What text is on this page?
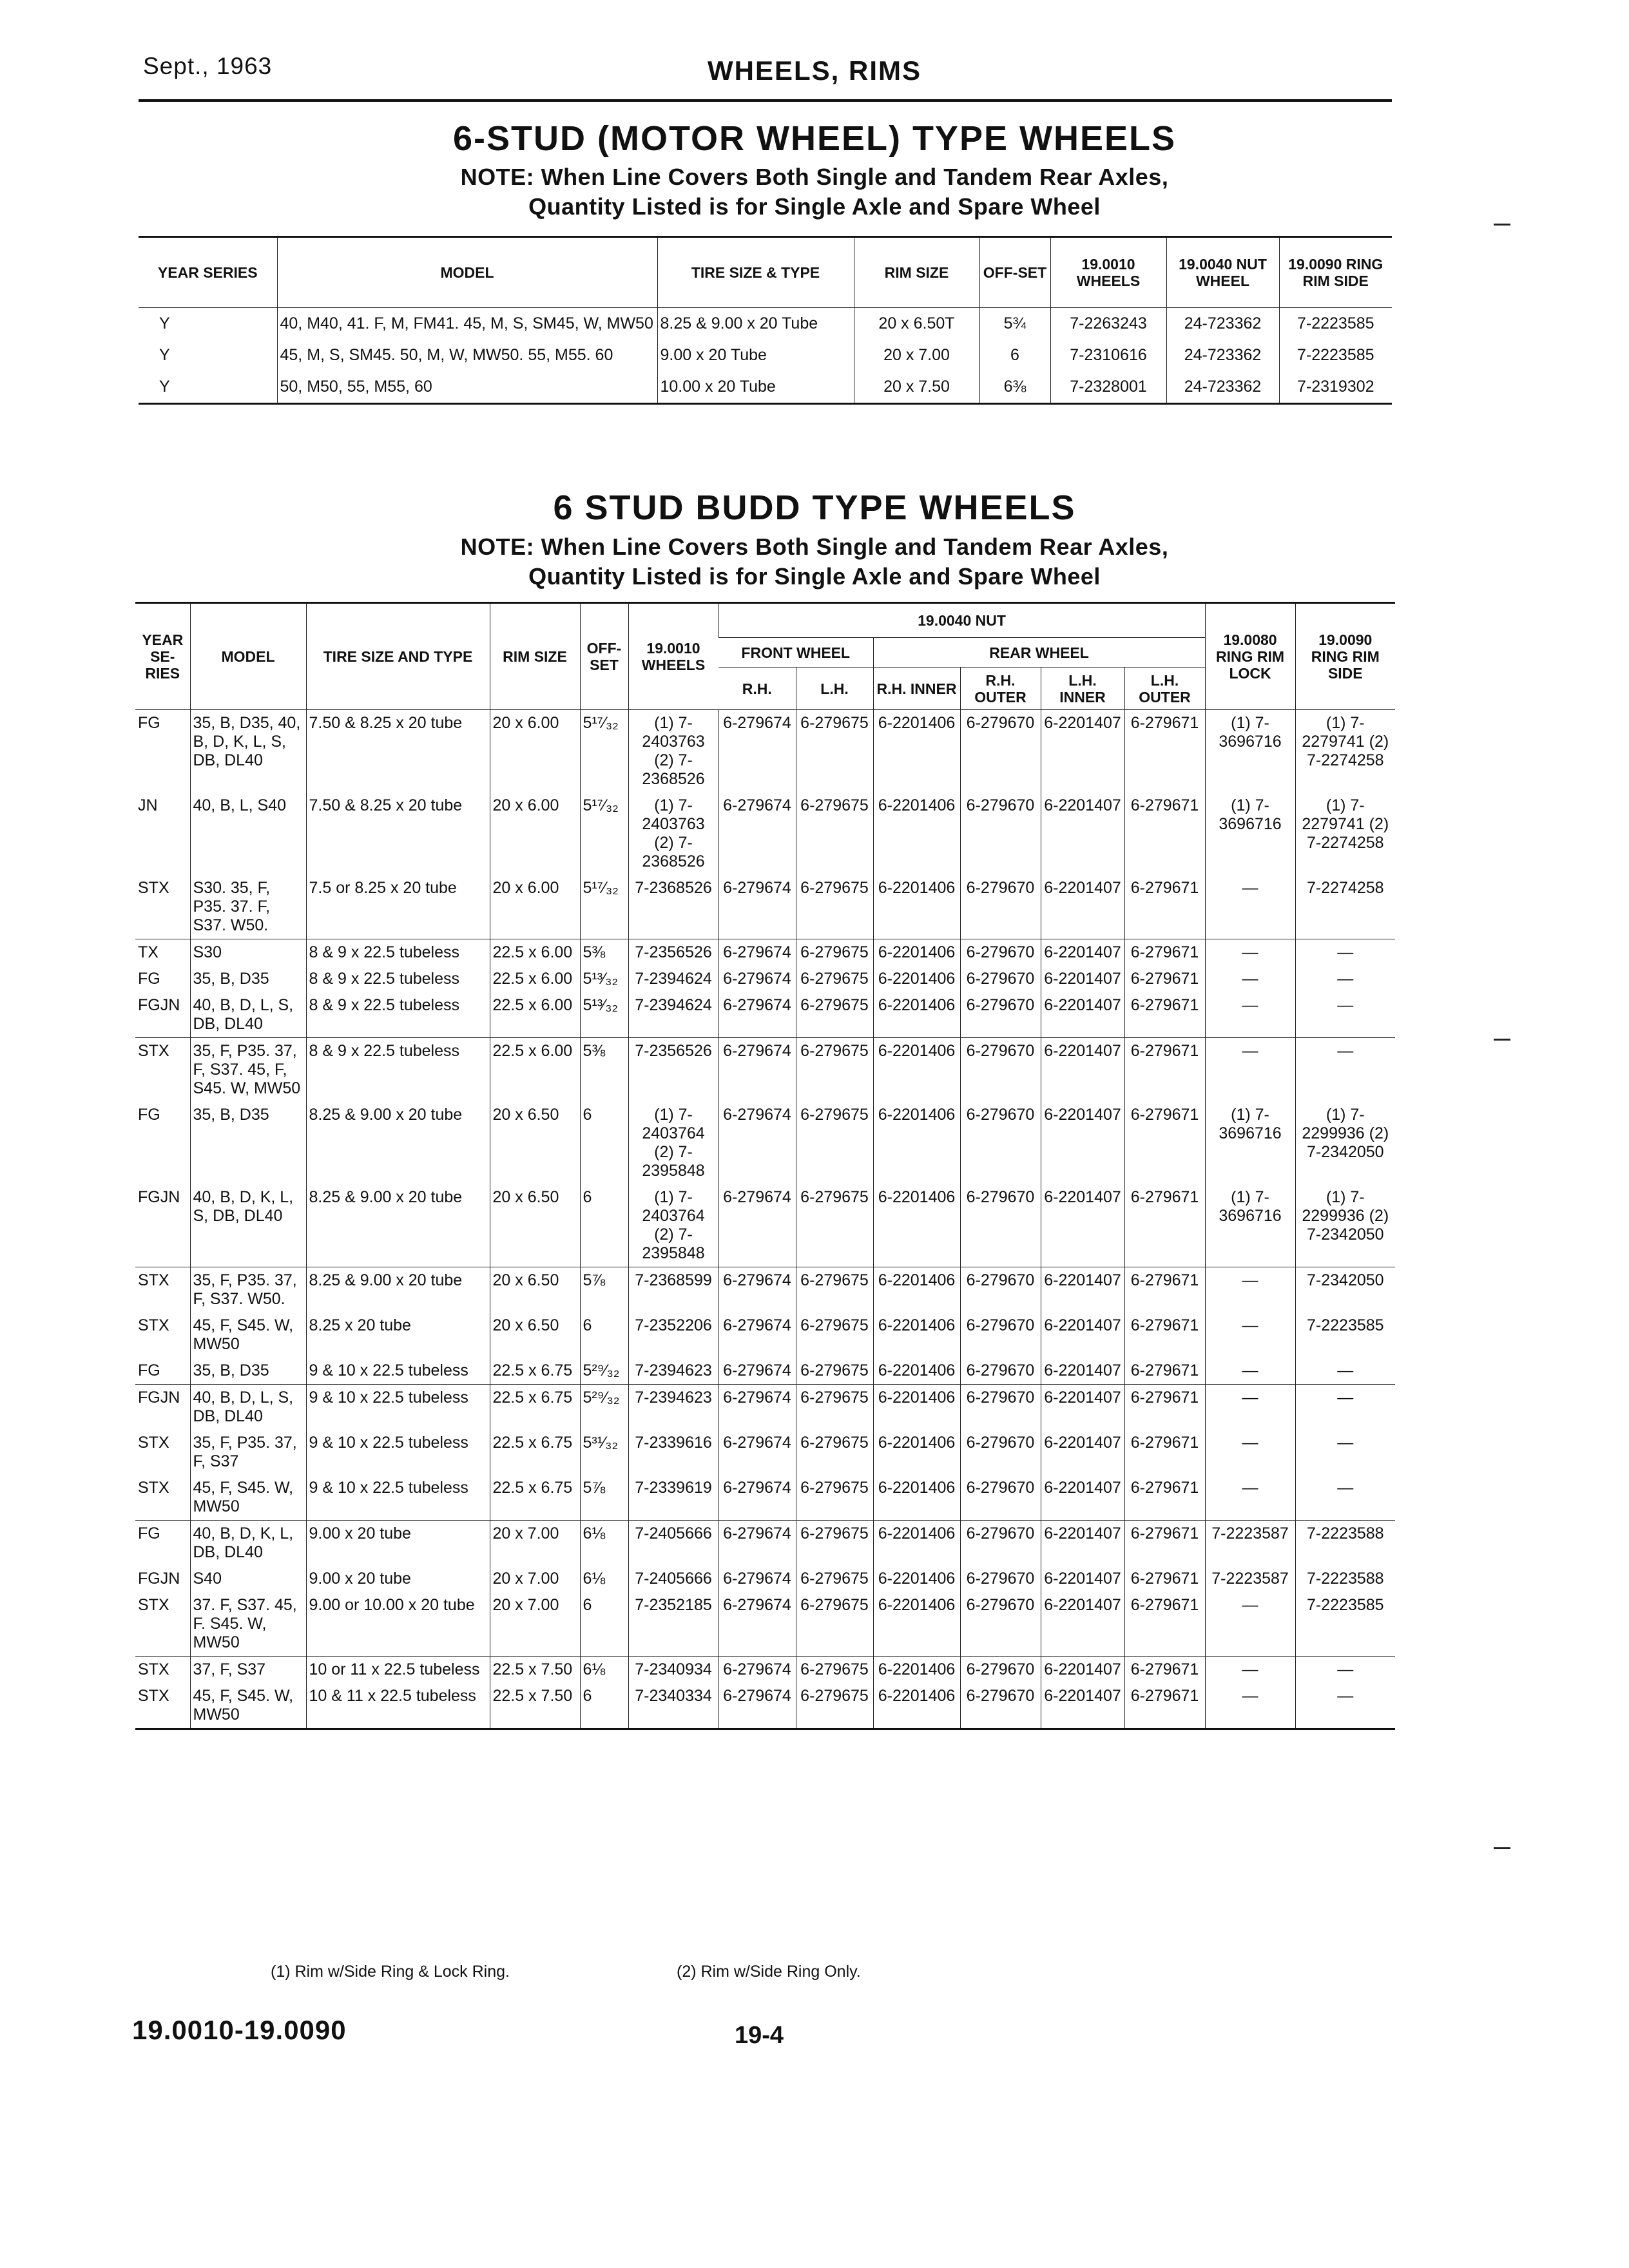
Sept., 1963	WHEELS, RIMS
6-STUD (MOTOR WHEEL) TYPE WHEELS
NOTE: When Line Covers Both Single and Tandem Rear Axles,
Quantity Listed is for Single Axle and Spare Wheel
YEAR SERIES	MODEL	TIRE SIZE & TYPE	RIM SIZE	OFF-SET	19.0010 WHEELS	19.0040 NUT WHEEL	19.0090 RING RIM SIDE
Y	40, M40, 41. F, M, FM41. 45, M, S, SM45, W, MW50	8.25 & 9.00 x 20 Tube	20 x 6.50T	5¾	7-2263243	24-723362	7-2223585
Y	45, M, S, SM45. 50, M, W, MW50. 55, M55. 60	9.00 x 20 Tube	20 x 7.00	6	7-2310616	24-723362	7-2223585
Y	50, M50, 55, M55, 60	10.00 x 20 Tube	20 x 7.50	6⅜	7-2328001	24-723362	7-2319302
6 STUD BUDD TYPE WHEELS
NOTE: When Line Covers Both Single and Tandem Rear Axles,
Quantity Listed is for Single Axle and Spare Wheel
YEAR SE-RIES	MODEL	TIRE SIZE AND TYPE	RIM SIZE	OFF-SET	19.0010 WHEELS	19.0040 NUT						19.0080 RING RIM LOCK	19.0090 RING RIM SIDE
						FRONT WHEEL		REAR WHEEL					
						R.H.	L.H.	R.H. INNER	R.H. OUTER	L.H. INNER	L.H. OUTER		
FG	35, B, D35, 40, B, D, K, L, S, DB, DL40	7.50 & 8.25 x 20 tube	20 x 6.00	5¹⁷⁄₃₂	(1) 7-2403763 (2) 7-2368526	6-279674	6-279675	6-2201406	6-279670	6-2201407	6-279671	(1) 7-3696716	(1) 7-2279741 (2) 7-2274258
JN	40, B, L, S40	7.50 & 8.25 x 20 tube	20 x 6.00	5¹⁷⁄₃₂	(1) 7-2403763 (2) 7-2368526	6-279674	6-279675	6-2201406	6-279670	6-2201407	6-279671	(1) 7-3696716	(1) 7-2279741 (2) 7-2274258
STX	S30. 35, F, P35. 37. F, S37. W50.	7.5 or 8.25 x 20 tube	20 x 6.00	5¹⁷⁄₃₂	7-2368526	6-279674	6-279675	6-2201406	6-279670	6-2201407	6-279671	—	7-2274258
TX	S30	8 & 9 x 22.5 tubeless	22.5 x 6.00	5⅜	7-2356526	6-279674	6-279675	6-2201406	6-279670	6-2201407	6-279671	—	—
FG	35, B, D35	8 & 9 x 22.5 tubeless	22.5 x 6.00	5¹³⁄₃₂	7-2394624	6-279674	6-279675	6-2201406	6-279670	6-2201407	6-279671	—	—
FGJN	40, B, D, L, S, DB, DL40	8 & 9 x 22.5 tubeless	22.5 x 6.00	5¹³⁄₃₂	7-2394624	6-279674	6-279675	6-2201406	6-279670	6-2201407	6-279671	—	—
STX	35, F, P35. 37, F, S37. 45, F, S45. W, MW50	8 & 9 x 22.5 tubeless	22.5 x 6.00	5⅜	7-2356526	6-279674	6-279675	6-2201406	6-279670	6-2201407	6-279671	—	—
FG	35, B, D35	8.25 & 9.00 x 20 tube	20 x 6.50	6	(1) 7-2403764 (2) 7-2395848	6-279674	6-279675	6-2201406	6-279670	6-2201407	6-279671	(1) 7-3696716	(1) 7-2299936 (2) 7-2342050
FGJN	40, B, D, K, L, S, DB, DL40	8.25 & 9.00 x 20 tube	20 x 6.50	6	(1) 7-2403764 (2) 7-2395848	6-279674	6-279675	6-2201406	6-279670	6-2201407	6-279671	(1) 7-3696716	(1) 7-2299936 (2) 7-2342050
STX	35, F, P35. 37, F, S37. W50.	8.25 & 9.00 x 20 tube	20 x 6.50	5⅞	7-2368599	6-279674	6-279675	6-2201406	6-279670	6-2201407	6-279671	—	7-2342050
STX	45, F, S45. W, MW50	8.25 x 20 tube	20 x 6.50	6	7-2352206	6-279674	6-279675	6-2201406	6-279670	6-2201407	6-279671	—	7-2223585
FG	35, B, D35	9 & 10 x 22.5 tubeless	22.5 x 6.75	5²⁹⁄₃₂	7-2394623	6-279674	6-279675	6-2201406	6-279670	6-2201407	6-279671	—	—
FGJN	40, B, D, L, S, DB, DL40	9 & 10 x 22.5 tubeless	22.5 x 6.75	5²⁹⁄₃₂	7-2394623	6-279674	6-279675	6-2201406	6-279670	6-2201407	6-279671	—	—
STX	35, F, P35. 37, F, S37	9 & 10 x 22.5 tubeless	22.5 x 6.75	5³¹⁄₃₂	7-2339616	6-279674	6-279675	6-2201406	6-279670	6-2201407	6-279671	—	—
STX	45, F, S45. W, MW50	9 & 10 x 22.5 tubeless	22.5 x 6.75	5⅞	7-2339619	6-279674	6-279675	6-2201406	6-279670	6-2201407	6-279671	—	—
FG	40, B, D, K, L, DB, DL40	9.00 x 20 tube	20 x 7.00	6⅛	7-2405666	6-279674	6-279675	6-2201406	6-279670	6-2201407	6-279671	7-2223587	7-2223588
FGJN	S40	9.00 x 20 tube	20 x 7.00	6⅛	7-2405666	6-279674	6-279675	6-2201406	6-279670	6-2201407	6-279671	7-2223587	7-2223588
STX	37. F, S37. 45, F. S45. W, MW50	9.00 or 10.00 x 20 tube	20 x 7.00	6	7-2352185	6-279674	6-279675	6-2201406	6-279670	6-2201407	6-279671	—	7-2223585
STX	37, F, S37	10 or 11 x 22.5 tubeless	22.5 x 7.50	6⅛	7-2340934	6-279674	6-279675	6-2201406	6-279670	6-2201407	6-279671	—	—
STX	45, F, S45. W, MW50	10 & 11 x 22.5 tubeless	22.5 x 7.50	6	7-2340334	6-279674	6-279675	6-2201406	6-279670	6-2201407	6-279671	—	—
(1) Rim w/Side Ring & Lock Ring.	(2) Rim w/Side Ring Only.
19.0010-19.0090	19-4
